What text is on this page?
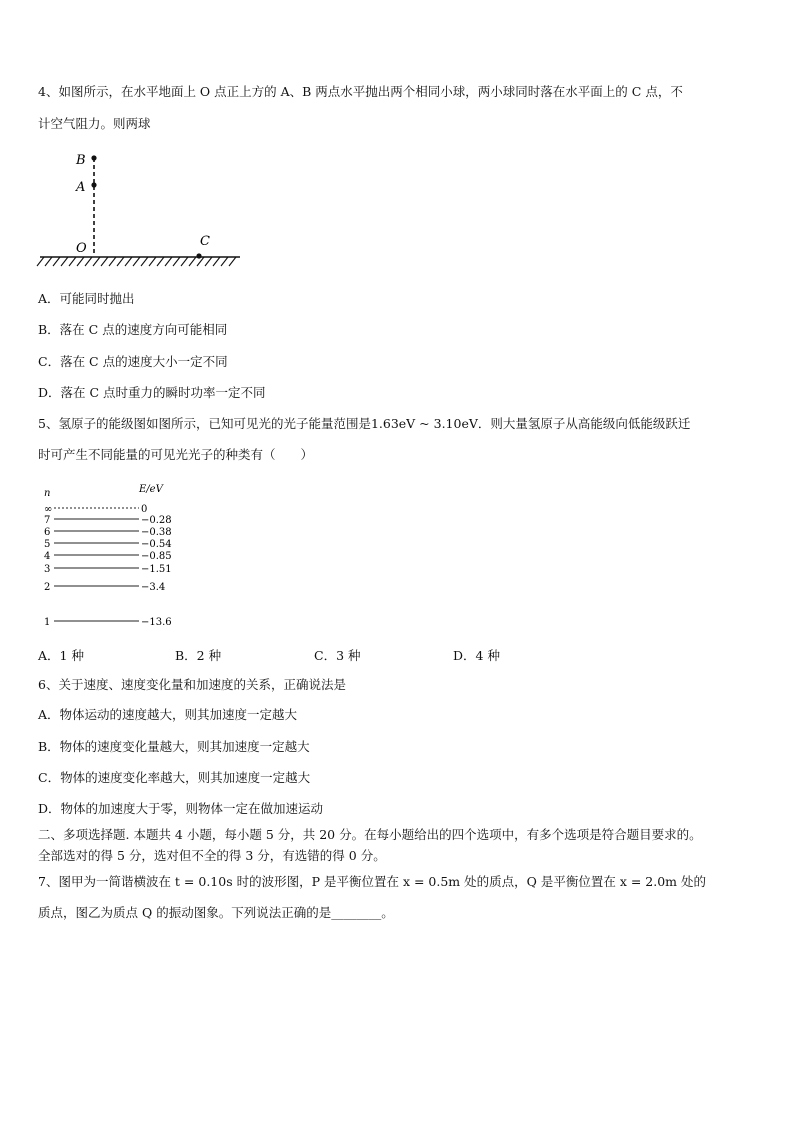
4、如图所示，在水平地面上 O 点正上方的 A、B 两点水平抛出两个相同小球，两小球同时落在水平面上的 C 点，不
计空气阻力。则两球
B
A
O	C
A．可能同时抛出
B．落在 C 点的速度方向可能相同
C．落在 C 点的速度大小一定不同
D．落在 C 点时重力的瞬时功率一定不同
5、氢原子的能级图如图所示，已知可见光的光子能量范围是1.63eV ~ 3.10eV．则大量氢原子从高能级向低能级跃迁
时可产生不同能量的可见光光子的种类有（　　）
n	E/eV
∞	0
7	−0.28
6	−0.38
5	−0.54
4	−0.85
3	−1.51
2	−3.4
1	−13.6
A．1 种	B．2 种	C．3 种	D．4 种
6、关于速度、速度变化量和加速度的关系，正确说法是
A．物体运动的速度越大，则其加速度一定越大
B．物体的速度变化量越大，则其加速度一定越大
C．物体的速度变化率越大，则其加速度一定越大
D．物体的加速度大于零，则物体一定在做加速运动
二、多项选择题. 本题共 4 小题，每小题 5 分，共 20 分。在每小题给出的四个选项中，有多个选项是符合题目要求的。
全部选对的得 5 分，选对但不全的得 3 分，有选错的得 0 分。
7、图甲为一简谐横波在 t = 0.10s 时的波形图，P 是平衡位置在 x = 0.5m 处的质点，Q 是平衡位置在 x = 2.0m 处的
质点，图乙为质点 Q 的振动图象。下列说法正确的是________。
